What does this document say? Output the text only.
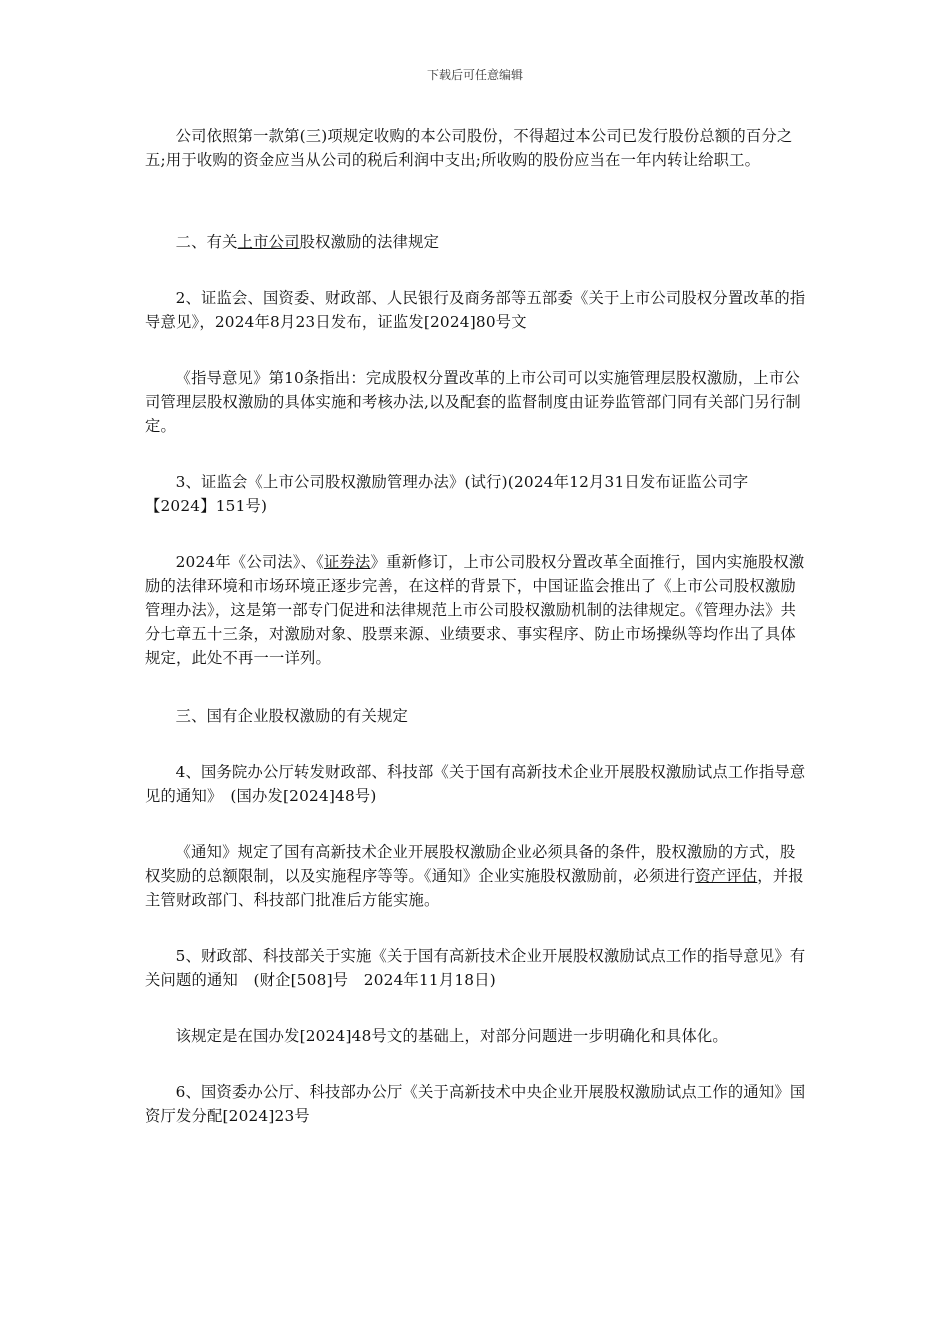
下载后可任意编辑

公司依照第一款第(三)项规定收购的本公司股份，不得超过本公司已发行股份总额的百分之五;用于收购的资金应当从公司的税后利润中支出;所收购的股份应当在一年内转让给职工。

二、有关上市公司股权激励的法律规定

2、证监会、国资委、财政部、人民银行及商务部等五部委《关于上市公司股权分置改革的指导意见》，2024年8月23日发布，证监发[2024]80号文

《指导意见》第10条指出：完成股权分置改革的上市公司可以实施管理层股权激励，上市公司管理层股权激励的具体实施和考核办法,以及配套的监督制度由证券监管部门同有关部门另行制定。

3、证监会《上市公司股权激励管理办法》(试行)(2024年12月31日发布证监公司字【2024】151号)

2024年《公司法》、《证券法》重新修订，上市公司股权分置改革全面推行，国内实施股权激励的法律环境和市场环境正逐步完善，在这样的背景下，中国证监会推出了《上市公司股权激励管理办法》，这是第一部专门促进和法律规范上市公司股权激励机制的法律规定。《管理办法》共分七章五十三条，对激励对象、股票来源、业绩要求、事实程序、防止市场操纵等均作出了具体规定，此处不再一一详列。

三、国有企业股权激励的有关规定

4、国务院办公厅转发财政部、科技部《关于国有高新技术企业开展股权激励试点工作指导意见的通知》　(国办发[2024]48号)

《通知》规定了国有高新技术企业开展股权激励企业必须具备的条件，股权激励的方式，股权奖励的总额限制，以及实施程序等等。《通知》企业实施股权激励前，必须进行资产评估，并报主管财政部门、科技部门批准后方能实施。

5、财政部、科技部关于实施《关于国有高新技术企业开展股权激励试点工作的指导意见》有关问题的通知　(财企[508]号　2024年11月18日)

该规定是在国办发[2024]48号文的基础上，对部分问题进一步明确化和具体化。

6、国资委办公厅、科技部办公厅《关于高新技术中央企业开展股权激励试点工作的通知》国资厅发分配[2024]23号
